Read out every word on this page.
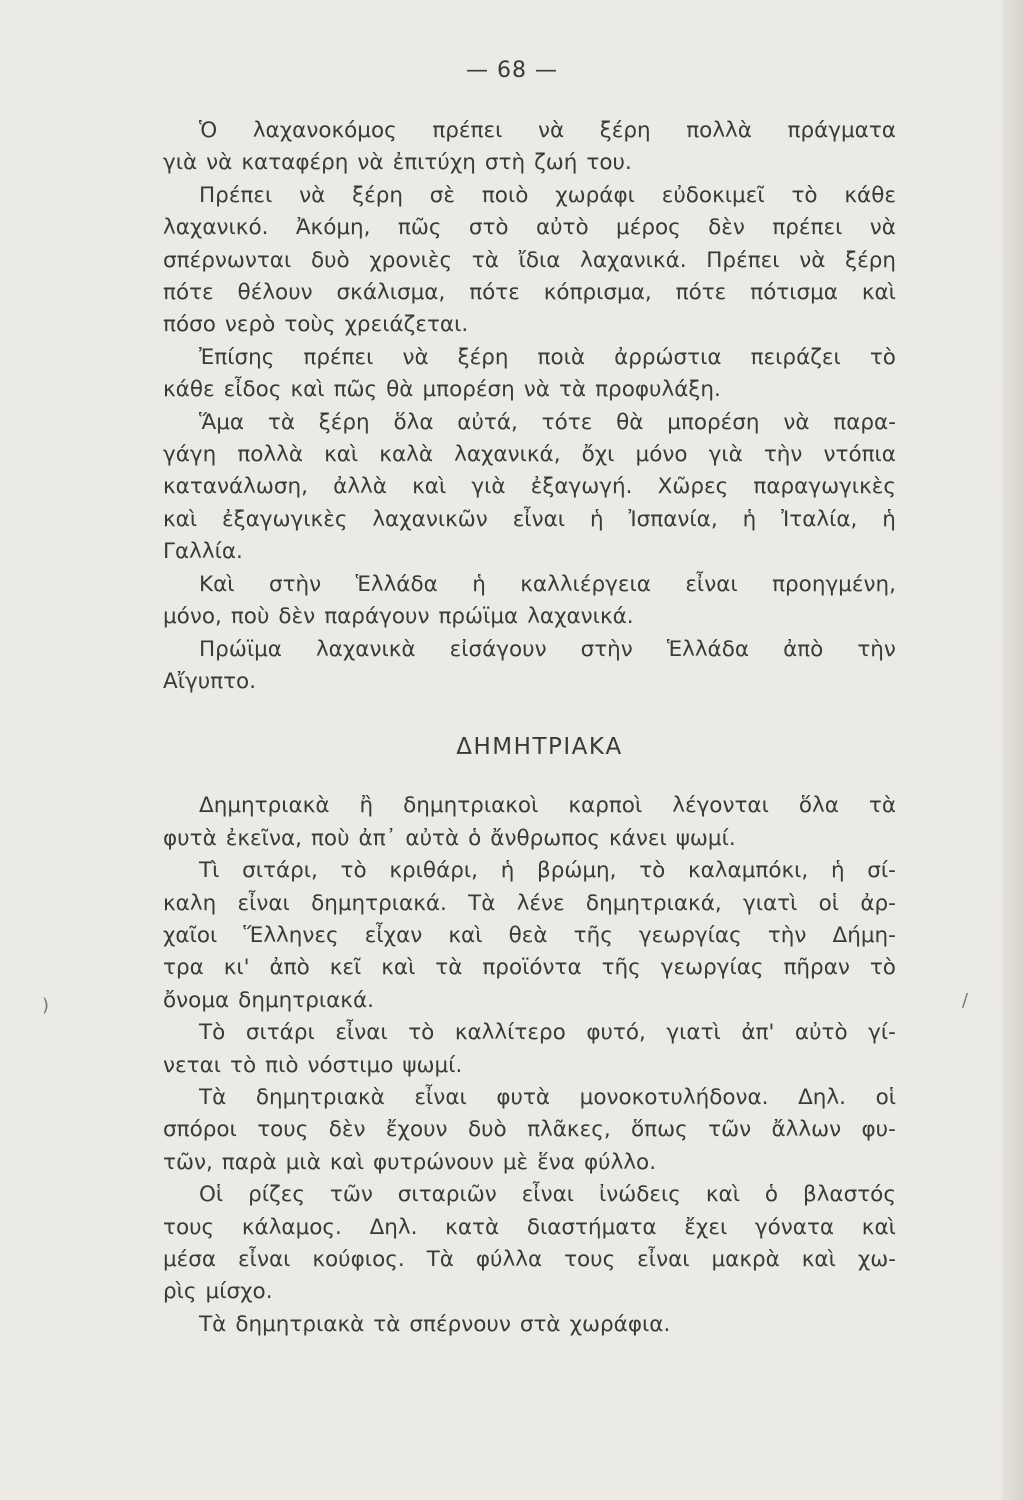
— 68 —
Ὁ λαχανοκόμος πρέπει νὰ ξέρη πολλὰ πράγματα
γιὰ νὰ καταφέρη νὰ ἐπιτύχη στὴ ζωή του.
Πρέπει νὰ ξέρη σὲ ποιὸ χωράφι εὐδοκιμεῖ τὸ κάθε
λαχανικό. Ἀκόμη, πῶς στὸ αὐτὸ μέρος δὲν πρέπει νὰ
σπέρνωνται δυὸ χρονιὲς τὰ ἴδια λαχανικά. Πρέπει νὰ ξέρη
πότε θέλουν σκάλισμα, πότε κόπρισμα, πότε πότισμα καὶ
πόσο νερὸ τοὺς χρειάζεται.
Ἐπίσης πρέπει νὰ ξέρη ποιὰ ἀρρώστια πειράζει τὸ
κάθε εἶδος καὶ πῶς θὰ μπορέση νὰ τὰ προφυλάξη.
Ἅμα τὰ ξέρη ὅλα αὐτά, τότε θὰ μπορέση νὰ παρα-
γάγη πολλὰ καὶ καλὰ λαχανικά, ὄχι μόνο γιὰ τὴν ντόπια
κατανάλωση, ἀλλὰ καὶ γιὰ ἐξαγωγή. Χῶρες παραγωγικὲς
καὶ ἐξαγωγικὲς λαχανικῶν εἶναι ἡ Ἰσπανία, ἡ Ἰταλία, ἡ
Γαλλία.
Καὶ στὴν Ἑλλάδα ἡ καλλιέργεια εἶναι προηγμένη,
μόνο, ποὺ δὲν παράγουν πρώϊμα λαχανικά.
Πρώϊμα λαχανικὰ εἰσάγουν στὴν Ἑλλάδα ἀπὸ τὴν
Αἴγυπτο.
ΔΗΜΗΤΡΙΑΚΑ
Δημητριακὰ ἢ δημητριακοὶ καρποὶ λέγονται ὅλα τὰ
φυτὰ ἐκεῖνα, ποὺ ἀπ᾽ αὐτὰ ὁ ἄνθρωπος κάνει ψωμί.
Τὶ σιτάρι, τὸ κριθάρι, ἡ βρώμη, τὸ καλαμπόκι, ἡ σί-
καλη εἶναι δημητριακά. Τὰ λένε δημητριακά, γιατὶ οἱ ἀρ-
χαῖοι Ἕλληνες εἶχαν καὶ θεὰ τῆς γεωργίας τὴν Δήμη-
τρα κι' ἀπὸ κεῖ καὶ τὰ προϊόντα τῆς γεωργίας πῆραν τὸ
ὄνομα δημητριακά.
Τὸ σιτάρι εἶναι τὸ καλλίτερο φυτό, γιατὶ ἀπ' αὐτὸ γί-
νεται τὸ πιὸ νόστιμο ψωμί.
Τὰ δημητριακὰ εἶναι φυτὰ μονοκοτυλήδονα. Δηλ. οἱ
σπόροι τους δὲν ἔχουν δυὸ πλᾶκες, ὅπως τῶν ἄλλων φυ-
τῶν, παρὰ μιὰ καὶ φυτρώνουν μὲ ἕνα φύλλο.
Οἱ ρίζες τῶν σιταριῶν εἶναι ἰνώδεις καὶ ὁ βλαστός
τους κάλαμος. Δηλ. κατὰ διαστήματα ἔχει γόνατα καὶ
μέσα εἶναι κούφιος. Τὰ φύλλα τους εἶναι μακρὰ καὶ χω-
ρὶς μίσχο.
Τὰ δημητριακὰ τὰ σπέρνουν στὰ χωράφια.
)	/
